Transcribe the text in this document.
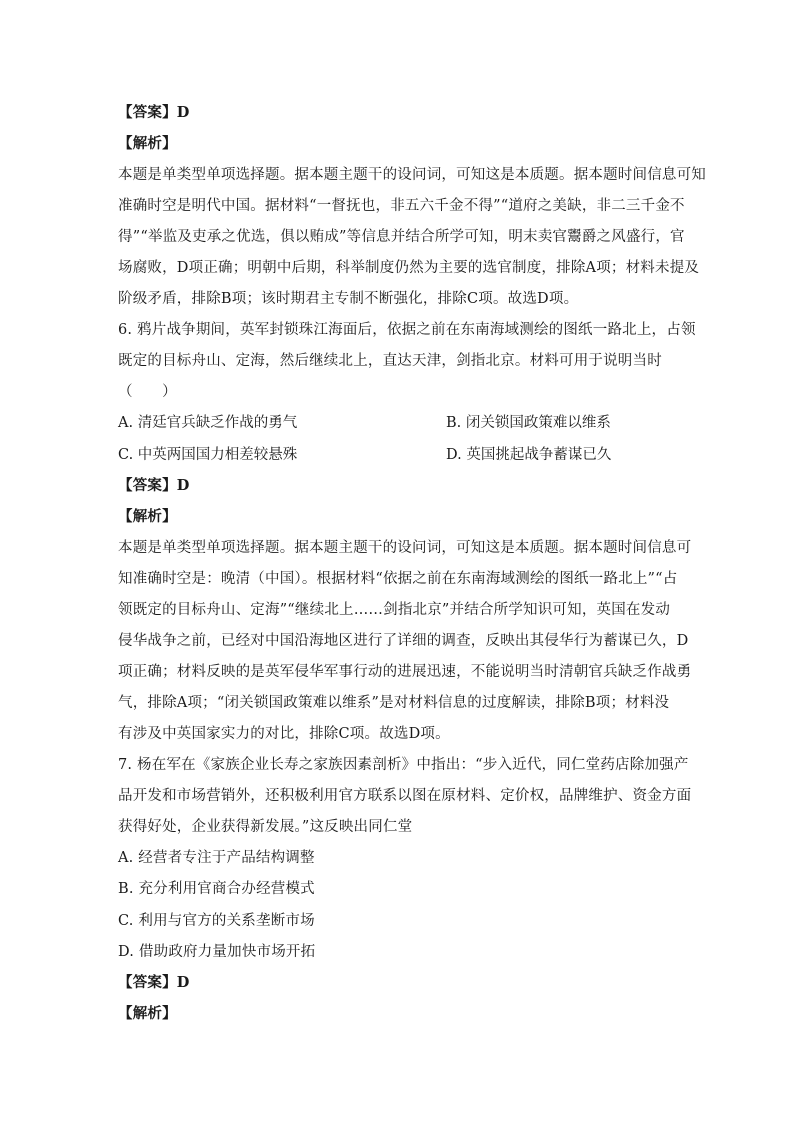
【答案】D
【解析】
本题是单类型单项选择题。据本题主题干的设问词，可知这是本质题。据本题时间信息可知
准确时空是明代中国。据材料“一督抚也，非五六千金不得”“道府之美缺，非二三千金不
得”“举监及吏承之优选，俱以贿成”等信息并结合所学可知，明末卖官鬻爵之风盛行，官
场腐败，D项正确；明朝中后期，科举制度仍然为主要的选官制度，排除A项；材料未提及
阶级矛盾，排除B项；该时期君主专制不断强化，排除C项。故选D项。
6. 鸦片战争期间，英军封锁珠江海面后，依据之前在东南海域测绘的图纸一路北上，占领
既定的目标舟山、定海，然后继续北上，直达天津，剑指北京。材料可用于说明当时
（　　）
A. 清廷官兵缺乏作战的勇气	B. 闭关锁国政策难以维系
C. 中英两国国力相差较悬殊	D. 英国挑起战争蓄谋已久
【答案】D
【解析】
本题是单类型单项选择题。据本题主题干的设问词，可知这是本质题。据本题时间信息可
知准确时空是：晚清（中国）。根据材料“依据之前在东南海域测绘的图纸一路北上”“占
领既定的目标舟山、定海”“继续北上……剑指北京”并结合所学知识可知，英国在发动
侵华战争之前，已经对中国沿海地区进行了详细的调查，反映出其侵华行为蓄谋已久，D
项正确；材料反映的是英军侵华军事行动的进展迅速，不能说明当时清朝官兵缺乏作战勇
气，排除A项；“闭关锁国政策难以维系”是对材料信息的过度解读，排除B项；材料没
有涉及中英国家实力的对比，排除C项。故选D项。
7. 杨在军在《家族企业长寿之家族因素剖析》中指出：“步入近代，同仁堂药店除加强产
品开发和市场营销外，还积极利用官方联系以图在原材料、定价权，品牌维护、资金方面
获得好处，企业获得新发展。”这反映出同仁堂
A. 经营者专注于产品结构调整
B. 充分利用官商合办经营模式
C. 利用与官方的关系垄断市场
D. 借助政府力量加快市场开拓
【答案】D
【解析】
